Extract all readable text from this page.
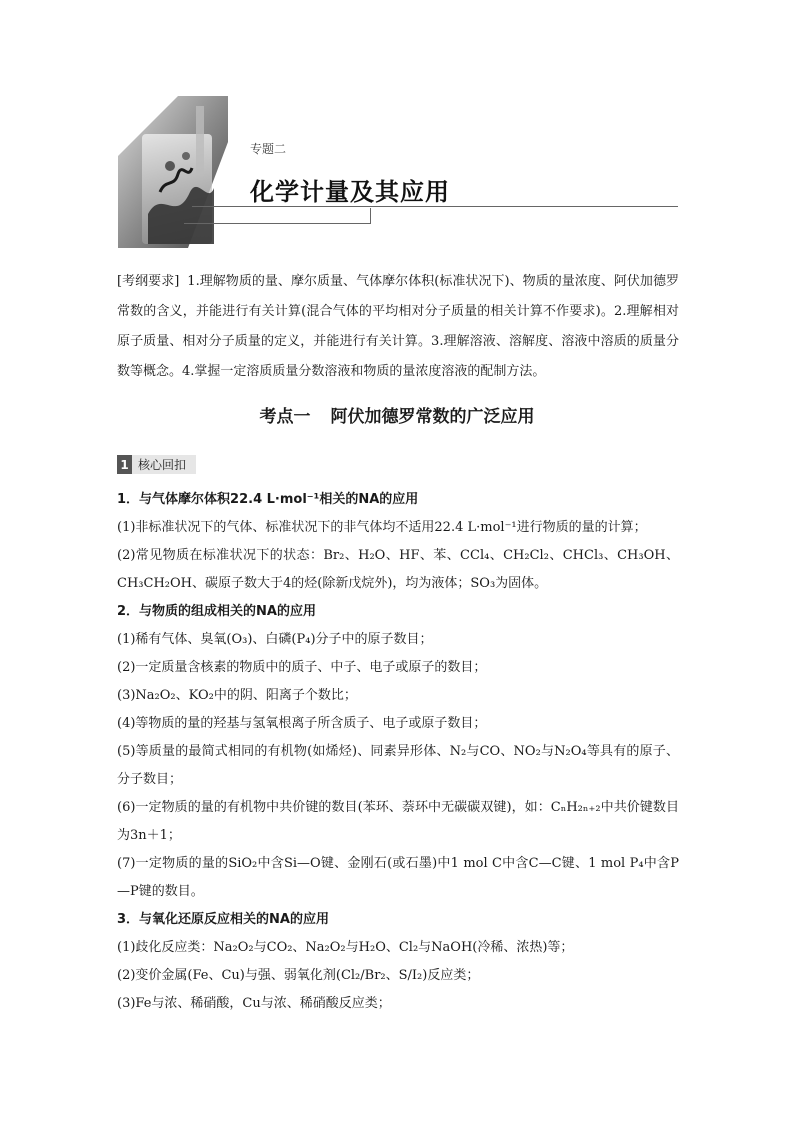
专题二
化学计量及其应用
[考纲要求] 1.理解物质的量、摩尔质量、气体摩尔体积(标准状况下)、物质的量浓度、阿伏加德罗常数的含义，并能进行有关计算(混合气体的平均相对分子质量的相关计算不作要求)。2.理解相对原子质量、相对分子质量的定义，并能进行有关计算。3.理解溶液、溶解度、溶液中溶质的质量分数等概念。4.掌握一定溶质质量分数溶液和物质的量浓度溶液的配制方法。
考点一 阿伏加德罗常数的广泛应用
1 核心回扣

1．与气体摩尔体积22.4 L·mol⁻¹相关的NA的应用

(1)非标准状况下的气体、标准状况下的非气体均不适用22.4 L·mol⁻¹进行物质的量的计算；

(2)常见物质在标准状况下的状态：Br₂、H₂O、HF、苯、CCl₄、CH₂Cl₂、CHCl₃、CH₃OH、CH₃CH₂OH、碳原子数大于4的烃(除新戊烷外)，均为液体；SO₃为固体。

2．与物质的组成相关的NA的应用

(1)稀有气体、臭氧(O₃)、白磷(P₄)分子中的原子数目；

(2)一定质量含核素的物质中的质子、中子、电子或原子的数目；

(3)Na₂O₂、KO₂中的阴、阳离子个数比；

(4)等物质的量的羟基与氢氧根离子所含质子、电子或原子数目；

(5)等质量的最简式相同的有机物(如烯烃)、同素异形体、N₂与CO、NO₂与N₂O₄等具有的原子、分子数目；

(6)一定物质的量的有机物中共价键的数目(苯环、萘环中无碳碳双键)，如：CₙH₂ₙ₊₂中共价键数目为3n＋1；

(7)一定物质的量的SiO₂中含Si—O键、金刚石(或石墨)中1 mol C中含C—C键、1 mol P₄中含P—P键的数目。

3．与氧化还原反应相关的NA的应用

(1)歧化反应类：Na₂O₂与CO₂、Na₂O₂与H₂O、Cl₂与NaOH(冷稀、浓热)等；

(2)变价金属(Fe、Cu)与强、弱氧化剂(Cl₂/Br₂、S/I₂)反应类；

(3)Fe与浓、稀硝酸，Cu与浓、稀硝酸反应类；
